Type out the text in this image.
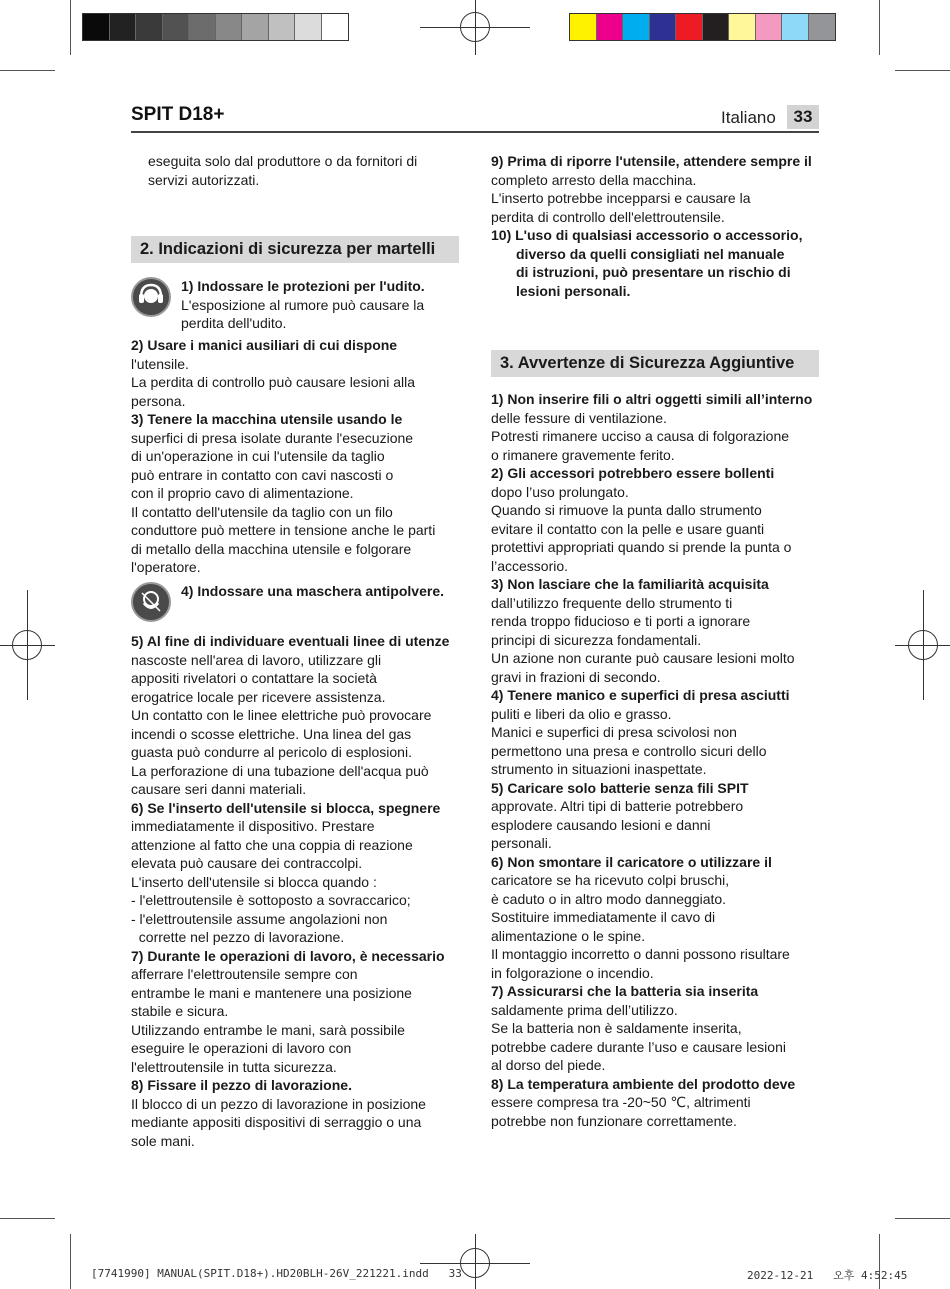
SPIT D18+	Italiano	33

eseguita solo dal produttore o da fornitori di

servizi autorizzati.

2. Indicazioni di sicurezza per martelli

1) Indossare le protezioni per l'udito.

L'esposizione al rumore può causare la

perdita dell'udito.

2) Usare i manici ausiliari di cui dispone

l'utensile.

La perdita di controllo può causare lesioni alla

persona.

3) Tenere la macchina utensile usando le

superfici di presa isolate durante l'esecuzione

di un'operazione in cui l'utensile da taglio

può entrare in contatto con cavi nascosti o

con il proprio cavo di alimentazione.

Il contatto dell'utensile da taglio con un filo

conduttore può mettere in tensione anche le parti

di metallo della macchina utensile e folgorare

l'operatore.

4) Indossare una maschera antipolvere.

5) Al fine di individuare eventuali linee di utenze

nascoste nell'area di lavoro, utilizzare gli

appositi rivelatori o contattare la società

erogatrice locale per ricevere assistenza.

Un contatto con le linee elettriche può provocare

incendi o scosse elettriche. Una linea del gas

guasta può condurre al pericolo di esplosioni.

La perforazione di una tubazione dell'acqua può

causare seri danni materiali.

6) Se l'inserto dell'utensile si blocca, spegnere

immediatamente il dispositivo. Prestare

attenzione al fatto che una coppia di reazione

elevata può causare dei contraccolpi.

L'inserto dell'utensile si blocca quando :

- l'elettroutensile è sottoposto a sovraccarico;

- l'elettroutensile assume angolazioni non

corrette nel pezzo di lavorazione.

7) Durante le operazioni di lavoro, è necessario

afferrare l'elettroutensile sempre con

entrambe le mani e mantenere una posizione

stabile e sicura.

Utilizzando entrambe le mani, sarà possibile

eseguire le operazioni di lavoro con

l'elettroutensile in tutta sicurezza.

8) Fissare il pezzo di lavorazione.

Il blocco di un pezzo di lavorazione in posizione

mediante appositi dispositivi di serraggio o una

sole mani.

9) Prima di riporre l'utensile, attendere sempre il

completo arresto della macchina.

L'inserto potrebbe incepparsi e causare la

perdita di controllo dell'elettroutensile.

10) L'uso di qualsiasi accessorio o accessorio,

diverso da quelli consigliati nel manuale

di istruzioni, può presentare un rischio di

lesioni personali.

3. Avvertenze di Sicurezza Aggiuntive

1) Non inserire fili o altri oggetti simili all’interno

delle fessure di ventilazione.

Potresti rimanere ucciso a causa di folgorazione

o rimanere gravemente ferito.

2) Gli accessori potrebbero essere bollenti

dopo l’uso prolungato.

Quando si rimuove la punta dallo strumento

evitare il contatto con la pelle e usare guanti

protettivi appropriati quando si prende la punta o

l’accessorio.

3) Non lasciare che la familiarità acquisita

dall’utilizzo frequente dello strumento ti

renda troppo fiducioso e ti porti a ignorare

principi di sicurezza fondamentali.

Un azione non curante può causare lesioni molto

gravi in frazioni di secondo.

4) Tenere manico e superfici di presa asciutti

puliti e liberi da olio e grasso.

Manici e superfici di presa scivolosi non

permettono una presa e controllo sicuri dello

strumento in situazioni inaspettate.

5) Caricare solo batterie senza fili SPIT

approvate. Altri tipi di batterie potrebbero

esplodere causando lesioni e danni

personali.

6) Non smontare il caricatore o utilizzare il

caricatore se ha ricevuto colpi bruschi,

è caduto o in altro modo danneggiato.

Sostituire immediatamente il cavo di

alimentazione o le spine.

Il montaggio incorretto o danni possono risultare

in folgorazione o incendio.

7) Assicurarsi che la batteria sia inserita

saldamente prima dell’utilizzo.

Se la batteria non è saldamente inserita,

potrebbe cadere durante l’uso e causare lesioni

al dorso del piede.

8) La temperatura ambiente del prodotto deve

essere compresa tra -20~50 ℃, altrimenti

potrebbe non funzionare correttamente.

[7741990] MANUAL(SPIT.D18+).HD20BLH-26V_221221.indd   33	2022-12-21   오후 4:52:45
